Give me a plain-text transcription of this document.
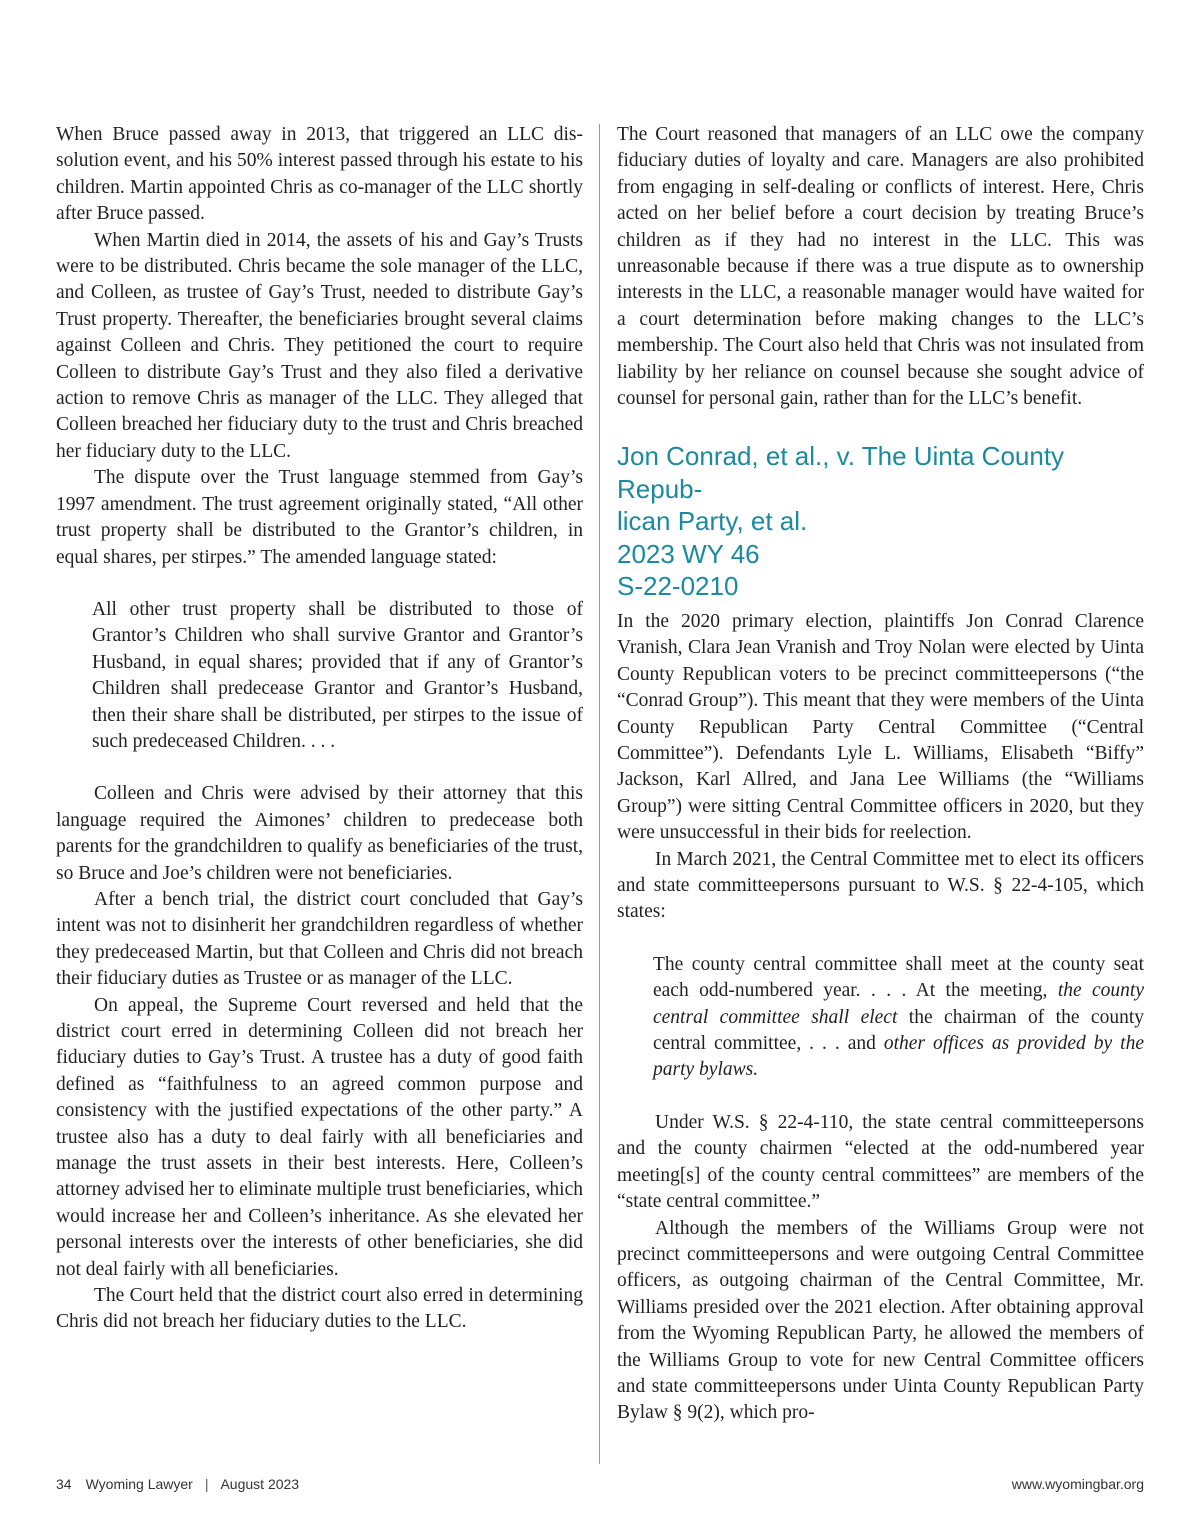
When Bruce passed away in 2013, that triggered an LLC dissolution event, and his 50% interest passed through his estate to his children. Martin appointed Chris as co-manager of the LLC shortly after Bruce passed.

When Martin died in 2014, the assets of his and Gay’s Trusts were to be distributed. Chris became the sole manager of the LLC, and Colleen, as trustee of Gay’s Trust, needed to distribute Gay’s Trust property. Thereafter, the beneficiaries brought several claims against Colleen and Chris. They petitioned the court to require Colleen to distribute Gay’s Trust and they also filed a derivative action to remove Chris as manager of the LLC. They alleged that Colleen breached her fiduciary duty to the trust and Chris breached her fiduciary duty to the LLC.

The dispute over the Trust language stemmed from Gay’s 1997 amendment. The trust agreement originally stated, “All other trust property shall be distributed to the Grantor’s children, in equal shares, per stirpes.” The amended language stated:

All other trust property shall be distributed to those of Grantor’s Children who shall survive Grantor and Grantor’s Husband, in equal shares; provided that if any of Grantor’s Children shall predecease Grantor and Grantor’s Husband, then their share shall be distributed, per stirpes to the issue of such predeceased Children. . . .

Colleen and Chris were advised by their attorney that this language required the Aimones’ children to predecease both parents for the grandchildren to qualify as beneficiaries of the trust, so Bruce and Joe’s children were not beneficiaries.

After a bench trial, the district court concluded that Gay’s intent was not to disinherit her grandchildren regardless of whether they predeceased Martin, but that Colleen and Chris did not breach their fiduciary duties as Trustee or as manager of the LLC.

On appeal, the Supreme Court reversed and held that the district court erred in determining Colleen did not breach her fiduciary duties to Gay’s Trust. A trustee has a duty of good faith defined as “faithfulness to an agreed common purpose and consistency with the justified expectations of the other party.” A trustee also has a duty to deal fairly with all beneficiaries and manage the trust assets in their best interests. Here, Colleen’s attorney advised her to eliminate multiple trust beneficiaries, which would increase her and Colleen’s inheritance. As she elevated her personal interests over the interests of other beneficiaries, she did not deal fairly with all beneficiaries.

The Court held that the district court also erred in determining Chris did not breach her fiduciary duties to the LLC.

The Court reasoned that managers of an LLC owe the company fiduciary duties of loyalty and care. Managers are also prohibited from engaging in self-dealing or conflicts of interest. Here, Chris acted on her belief before a court decision by treating Bruce’s children as if they had no interest in the LLC. This was unreasonable because if there was a true dispute as to ownership interests in the LLC, a reasonable manager would have waited for a court determination before making changes to the LLC’s membership. The Court also held that Chris was not insulated from liability by her reliance on counsel because she sought advice of counsel for personal gain, rather than for the LLC’s benefit.

Jon Conrad, et al., v. The Uinta County Repub-
lican Party, et al.
2023 WY 46
S-22-0210

In the 2020 primary election, plaintiffs Jon Conrad Clarence Vranish, Clara Jean Vranish and Troy Nolan were elected by Uinta County Republican voters to be precinct committeepersons (“the “Conrad Group”). This meant that they were members of the Uinta County Republican Party Central Committee (“Central Committee”). Defendants Lyle L. Williams, Elisabeth “Biffy” Jackson, Karl Allred, and Jana Lee Williams (the “Williams Group”) were sitting Central Committee officers in 2020, but they were unsuccessful in their bids for reelection.

In March 2021, the Central Committee met to elect its officers and state committeepersons pursuant to W.S. § 22-4-105, which states:

The county central committee shall meet at the county seat each odd-numbered year. . . . At the meeting, the county central committee shall elect the chairman of the county central committee, . . . and other offices as provided by the party bylaws.

Under W.S. § 22-4-110, the state central committeepersons and the county chairmen “elected at the odd-numbered year meeting[s] of the county central committees” are members of the “state central committee.”

Although the members of the Williams Group were not precinct committeepersons and were outgoing Central Committee officers, as outgoing chairman of the Central Committee, Mr. Williams presided over the 2021 election. After obtaining approval from the Wyoming Republican Party, he allowed the members of the Williams Group to vote for new Central Committee officers and state committeepersons under Uinta County Republican Party Bylaw § 9(2), which pro-

34 Wyoming Lawyer | August 2023	www.wyomingbar.org
